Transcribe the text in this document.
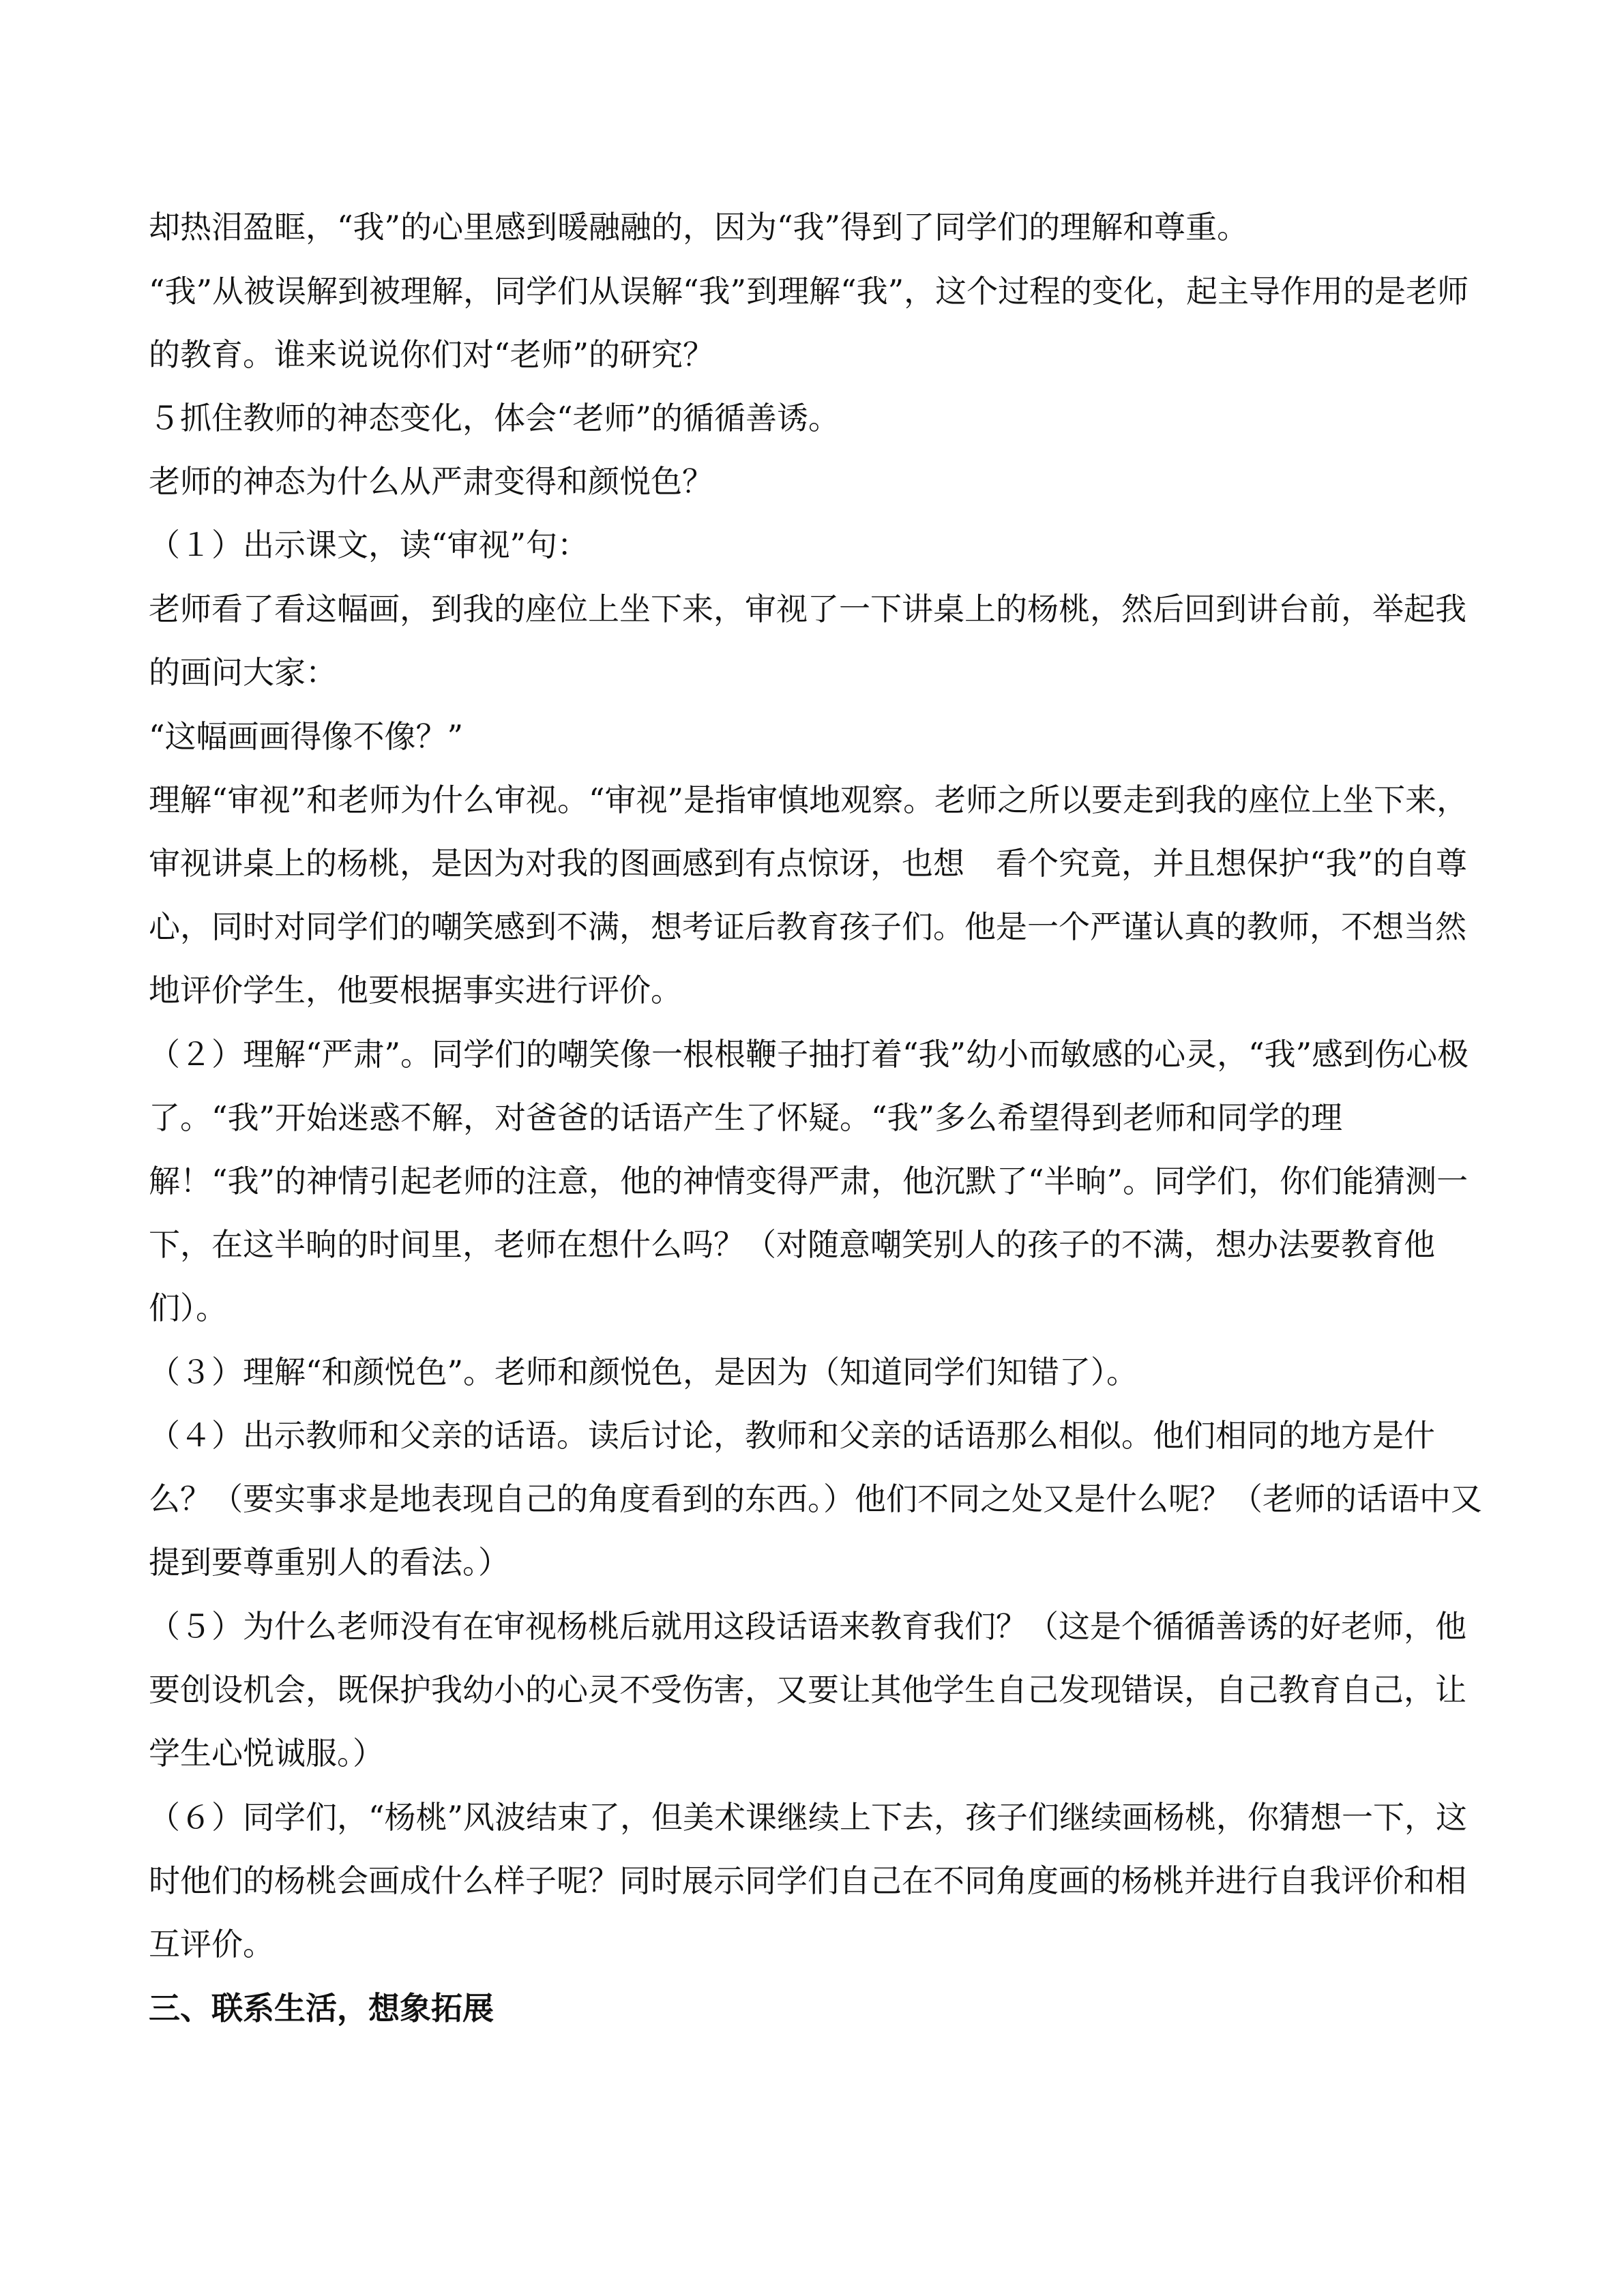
却热泪盈眶，“我”的心里感到暖融融的，因为“我”得到了同学们的理解和尊重。

“我”从被误解到被理解，同学们从误解“我”到理解“我”，这个过程的变化，起主导作用的是老师的教育。谁来说说你们对“老师”的研究？

５抓住教师的神态变化，体会“老师”的循循善诱。

老师的神态为什么从严肃变得和颜悦色？

（１）出示课文，读“审视”句：

老师看了看这幅画，到我的座位上坐下来，审视了一下讲桌上的杨桃，然后回到讲台前，举起我的画问大家：

“这幅画画得像不像？”

理解“审视”和老师为什么审视。“审视”是指审慎地观察。老师之所以要走到我的座位上坐下来，审视讲桌上的杨桃，是因为对我的图画感到有点惊讶，也想　看个究竟，并且想保护“我”的自尊心，同时对同学们的嘲笑感到不满，想考证后教育孩子们。他是一个严谨认真的教师，不想当然地评价学生，他要根据事实进行评价。

（２）理解“严肃”。同学们的嘲笑像一根根鞭子抽打着“我”幼小而敏感的心灵，“我”感到伤心极了。“我”开始迷惑不解，对爸爸的话语产生了怀疑。“我”多么希望得到老师和同学的理解！“我”的神情引起老师的注意，他的神情变得严肃，他沉默了“半晌”。同学们，你们能猜测一下，在这半晌的时间里，老师在想什么吗？（对随意嘲笑别人的孩子的不满，想办法要教育他们）。

（３）理解“和颜悦色”。老师和颜悦色，是因为（知道同学们知错了）。

（４）出示教师和父亲的话语。读后讨论，教师和父亲的话语那么相似。他们相同的地方是什么？（要实事求是地表现自己的角度看到的东西。）他们不同之处又是什么呢？（老师的话语中又提到要尊重别人的看法。）

（５）为什么老师没有在审视杨桃后就用这段话语来教育我们？（这是个循循善诱的好老师，他要创设机会，既保护我幼小的心灵不受伤害，又要让其他学生自己发现错误，自己教育自己，让学生心悦诚服。）

（６）同学们，“杨桃”风波结束了，但美术课继续上下去，孩子们继续画杨桃，你猜想一下，这时他们的杨桃会画成什么样子呢？同时展示同学们自己在不同角度画的杨桃并进行自我评价和相互评价。

三、联系生活，想象拓展
